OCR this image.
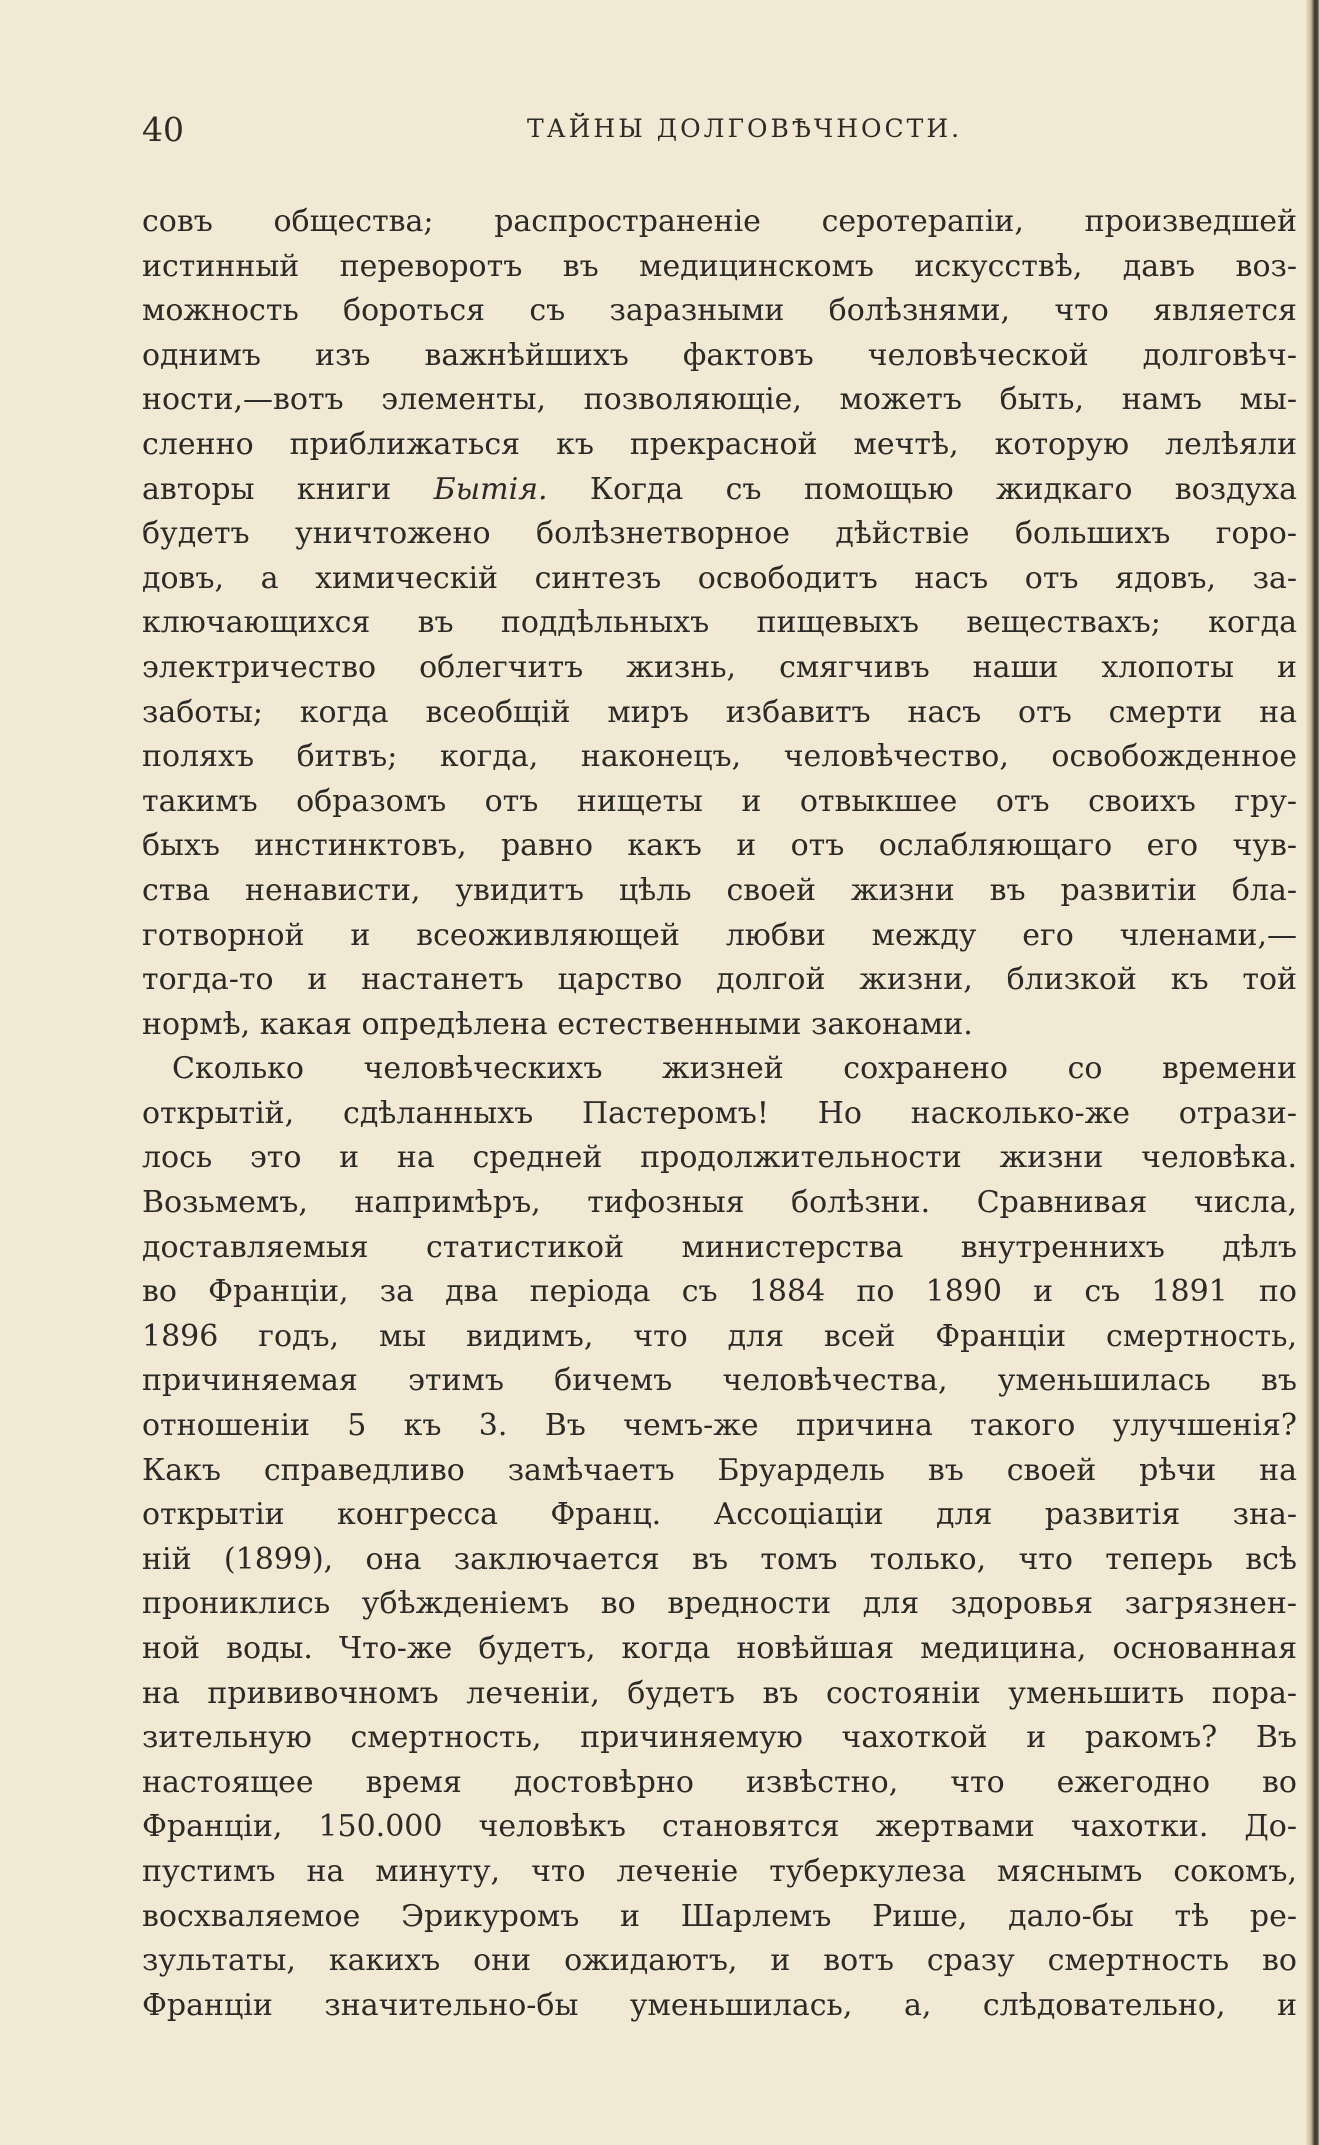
40	ТАЙНЫ ДОЛГОВѢЧНОСТИ.
совъ общества; распространеніе серотерапіи, произведшей
истинный переворотъ въ медицинскомъ искусствѣ, давъ воз-
можность бороться съ заразными болѣзнями, что является
однимъ изъ важнѣйшихъ фактовъ человѣческой долговѣч-
ности,—вотъ элементы, позволяющіе, можетъ быть, намъ мы-
сленно приближаться къ прекрасной мечтѣ, которую лелѣяли
авторы книги Бытія. Когда съ помощью жидкаго воздуха
будетъ уничтожено болѣзнетворное дѣйствіе большихъ горо-
довъ, а химическій синтезъ освободитъ насъ отъ ядовъ, за-
ключающихся въ поддѣльныхъ пищевыхъ веществахъ; когда
электричество облегчитъ жизнь, смягчивъ наши хлопоты и
заботы; когда всеобщій миръ избавитъ насъ отъ смерти на
поляхъ битвъ; когда, наконецъ, человѣчество, освобожденное
такимъ образомъ отъ нищеты и отвыкшее отъ своихъ гру-
быхъ инстинктовъ, равно какъ и отъ ослабляющаго его чув-
ства ненависти, увидитъ цѣль своей жизни въ развитіи бла-
готворной и всеоживляющей любви между его членами,—
тогда-то и настанетъ царство долгой жизни, близкой къ той
нормѣ, какая опредѣлена естественными законами.
Сколько человѣческихъ жизней сохранено со времени
открытій, сдѣланныхъ Пастеромъ! Но насколько-же отрази-
лось это и на средней продолжительности жизни человѣка.
Возьмемъ, напримѣръ, тифозныя болѣзни. Сравнивая числа,
доставляемыя статистикой министерства внутреннихъ дѣлъ
во Франціи, за два періода съ 1884 по 1890 и съ 1891 по
1896 годъ, мы видимъ, что для всей Франціи смертность,
причиняемая этимъ бичемъ человѣчества, уменьшилась въ
отношеніи 5 къ 3. Въ чемъ-же причина такого улучшенія?
Какъ справедливо замѣчаетъ Бруардель въ своей рѣчи на
открытіи конгресса Франц. Ассоціаціи для развитія зна-
ній (1899), она заключается въ томъ только, что теперь всѣ
прониклись убѣжденіемъ во вредности для здоровья загрязнен-
ной воды. Что-же будетъ, когда новѣйшая медицина, основанная
на прививочномъ леченіи, будетъ въ состояніи уменьшить пора-
зительную смертность, причиняемую чахоткой и ракомъ? Въ
настоящее время достовѣрно извѣстно, что ежегодно во
Франціи, 150.000 человѣкъ становятся жертвами чахотки. До-
пустимъ на минуту, что леченіе туберкулеза мяснымъ сокомъ,
восхваляемое Эрикуромъ и Шарлемъ Рише, дало-бы тѣ ре-
зультаты, какихъ они ожидаютъ, и вотъ сразу смертность во
Франціи значительно-бы уменьшилась, а, слѣдовательно, и
